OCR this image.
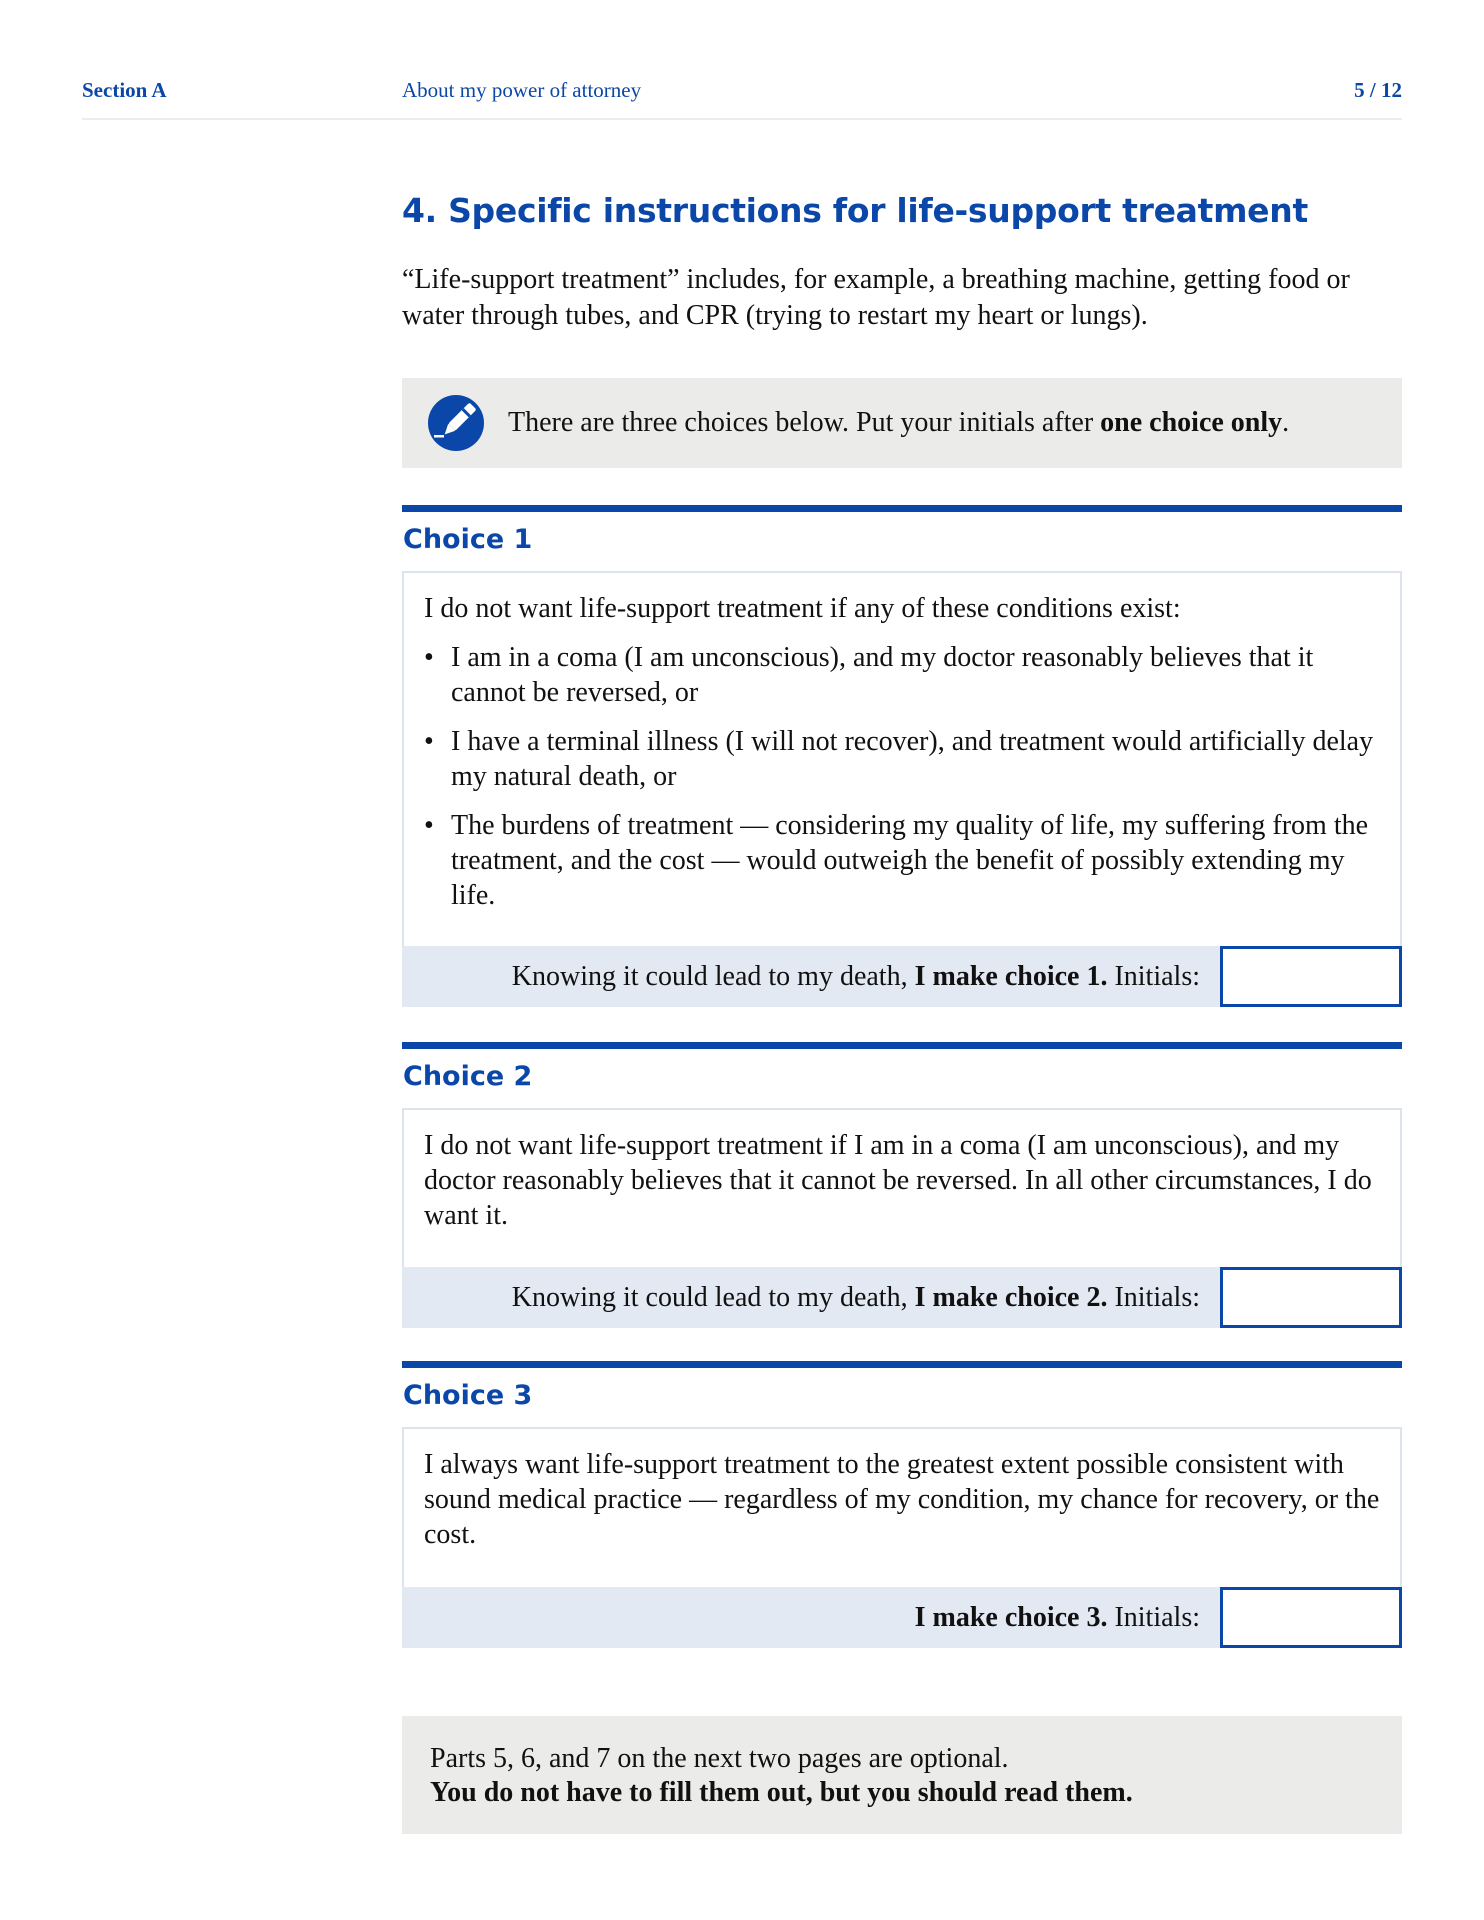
Section A	About my power of attorney	5 / 12
4. Specific instructions for life-support treatment

“Life-support treatment” includes, for example, a breathing machine, getting food or water through tubes, and CPR (trying to restart my heart or lungs).

There are three choices below. Put your initials after one choice only.
Choice 1

I do not want life-support treatment if any of these conditions exist:

• I am in a coma (I am unconscious), and my doctor reasonably believes that it cannot be reversed, or
• I have a terminal illness (I will not recover), and treatment would artificially delay my natural death, or
• The burdens of treatment — considering my quality of life, my suffering from the treatment, and the cost — would outweigh the benefit of possibly extending my life.
Knowing it could lead to my death, I make choice 1. Initials:
Choice 2

I do not want life-support treatment if I am in a coma (I am unconscious), and my doctor reasonably believes that it cannot be reversed. In all other circumstances, I do want it.

Knowing it could lead to my death, I make choice 2. Initials:
Choice 3

I always want life-support treatment to the greatest extent possible consistent with sound medical practice — regardless of my condition, my chance for recovery, or the cost.

I make choice 3. Initials:
Parts 5, 6, and 7 on the next two pages are optional.
You do not have to fill them out, but you should read them.
